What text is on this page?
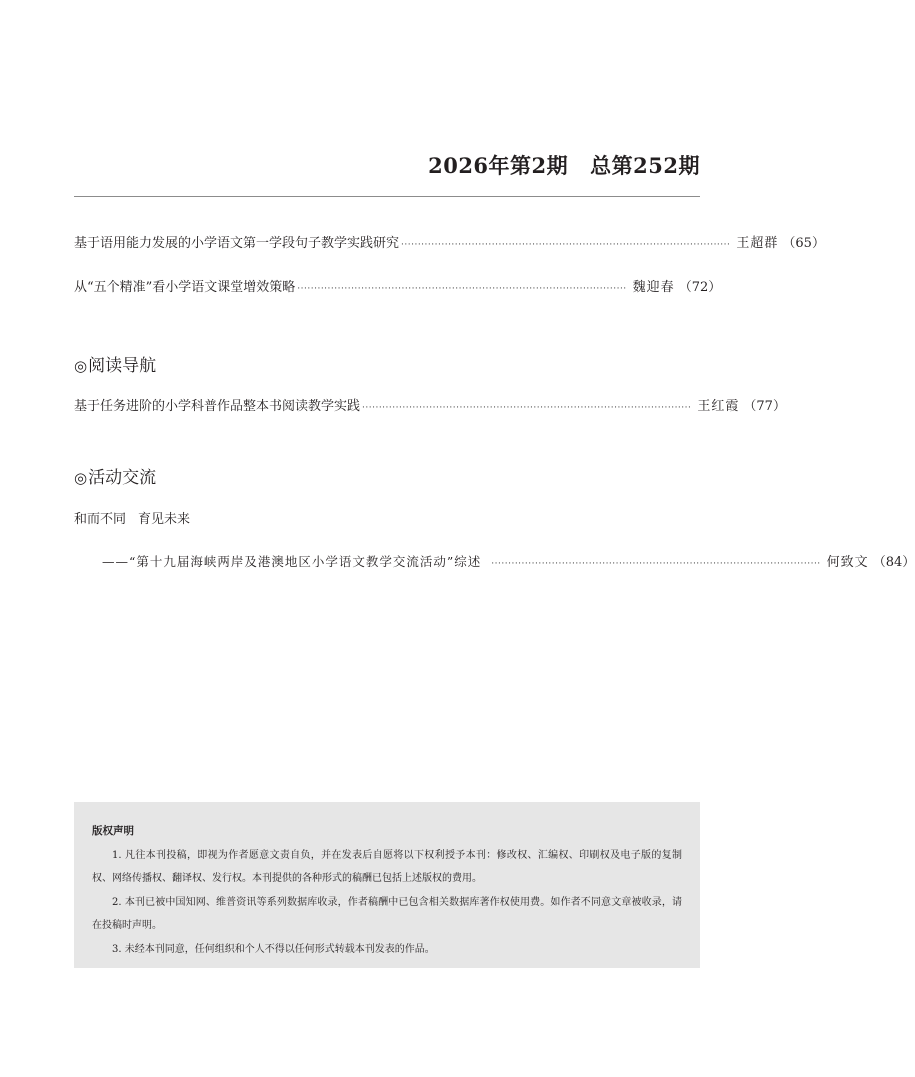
2026年第2期 总第252期
基于语用能力发展的小学语文第一学段句子教学实践研究 ·································································································· 王超群 （65）
从“五个精准”看小学语文课堂增效策略 ·································································································· 魏迎春 （72）
◎阅读导航
基于任务进阶的小学科普作品整本书阅读教学实践 ·································································································· 王红霞 （77）
◎活动交流
和而不同 育见未来
——“第十九届海峡两岸及港澳地区小学语文教学交流活动”综述 ·································································································· 何致文 （84）
版权声明

1. 凡往本刊投稿，即视为作者愿意文责自负，并在发表后自愿将以下权利授予本刊：修改权、汇编权、印刷权及电子版的复制权、网络传播权、翻译权、发行权。本刊提供的各种形式的稿酬已包括上述版权的费用。

2. 本刊已被中国知网、维普资讯等系列数据库收录，作者稿酬中已包含相关数据库著作权使用费。如作者不同意文章被收录，请在投稿时声明。

3. 未经本刊同意，任何组织和个人不得以任何形式转载本刊发表的作品。
